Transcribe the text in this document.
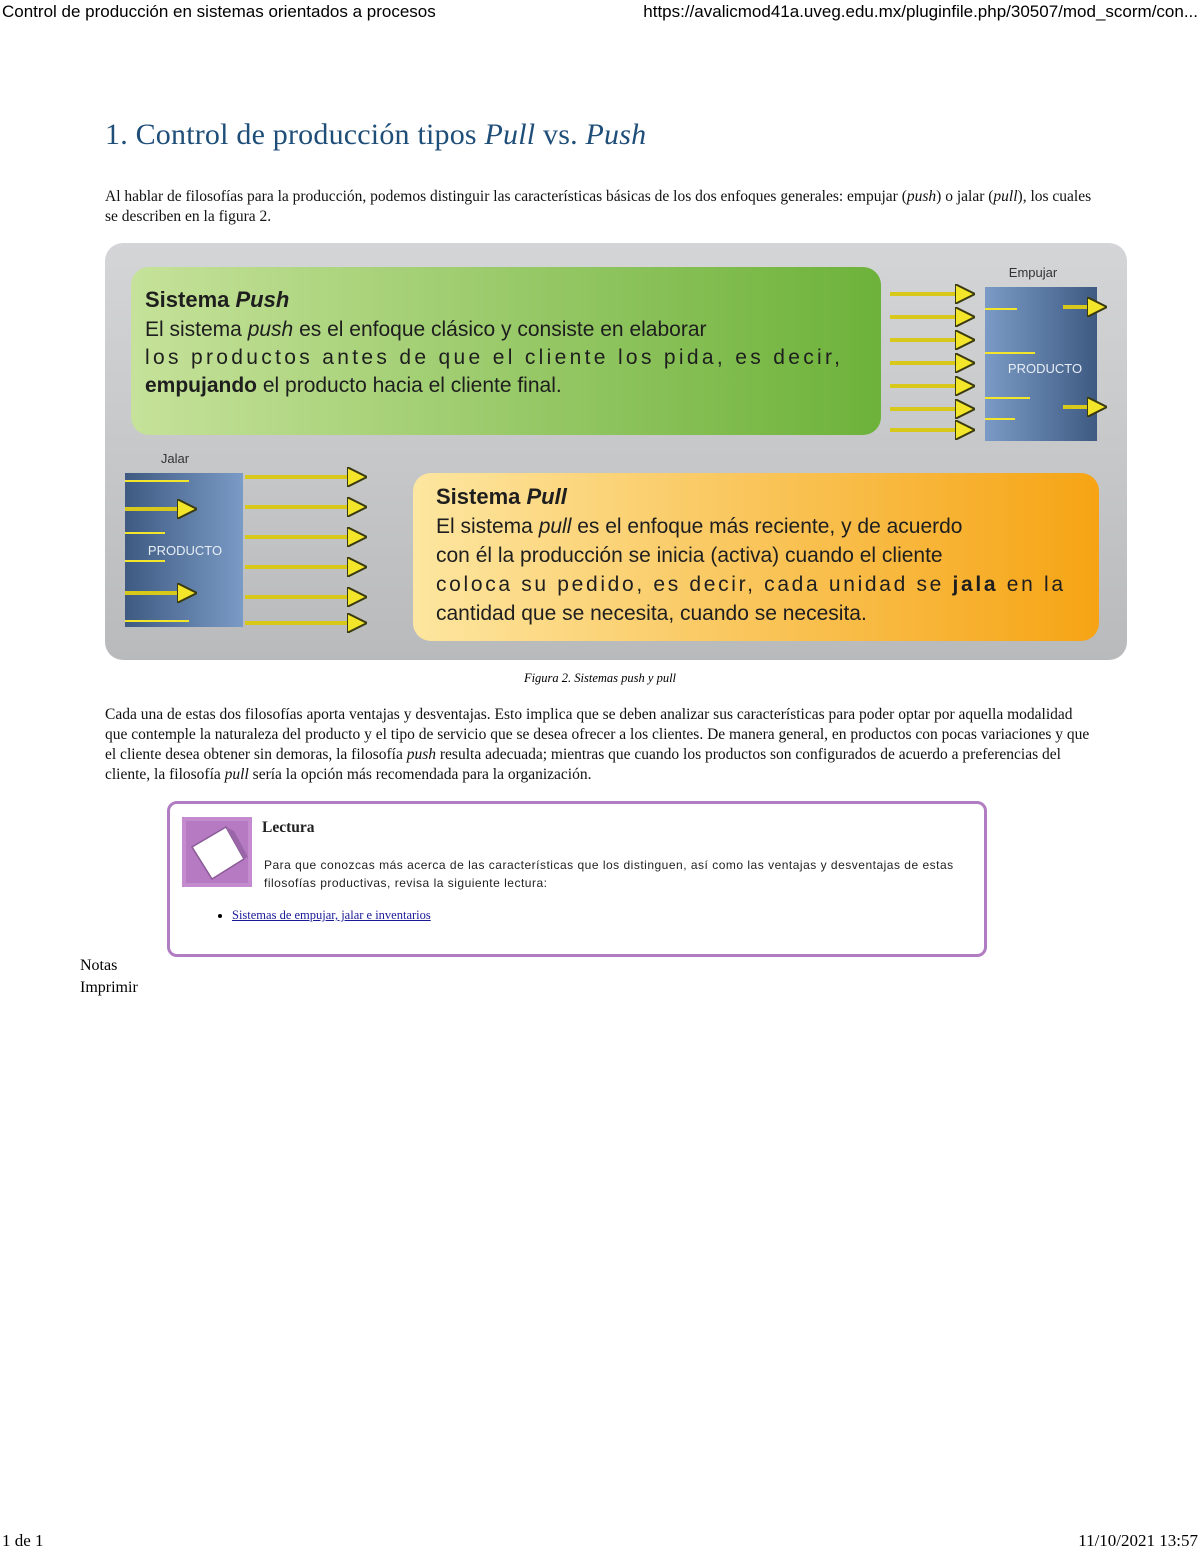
Control de producción en sistemas orientados a procesos	https://avalicmod41a.uveg.edu.mx/pluginfile.php/30507/mod_scorm/con...
1. Control de producción tipos Pull vs. Push

Al hablar de filosofías para la producción, podemos distinguir las características básicas de los dos enfoques generales: empujar (push) o jalar (pull), los cuales se describen en la figura 2.

Sistema Push
El sistema push es el enfoque clásico y consiste en elaborar
los productos antes de que el cliente los pida, es decir,
empujando el producto hacia el cliente final.
Empujar
PRODUCTO
Jalar
PRODUCTO
Sistema Pull
El sistema pull es el enfoque más reciente, y de acuerdo
con él la producción se inicia (activa) cuando el cliente
coloca su pedido, es decir, cada unidad se jala en la
cantidad que se necesita, cuando se necesita.
Figura 2. Sistemas push y pull

Cada una de estas dos filosofías aporta ventajas y desventajas. Esto implica que se deben analizar sus características para poder optar por aquella modalidad que contemple la naturaleza del producto y el tipo de servicio que se desea ofrecer a los clientes. De manera general, en productos con pocas variaciones y que el cliente desea obtener sin demoras, la filosofía push resulta adecuada; mientras que cuando los productos son configurados de acuerdo a preferencias del cliente, la filosofía pull sería la opción más recomendada para la organización.

Lectura
Para que conozcas más acerca de las características que los distinguen, así como las ventajas y desventajas de estas filosofías productivas, revisa la siguiente lectura:
• Sistemas de empujar, jalar e inventarios
Notas
Imprimir
1 de 1	11/10/2021 13:57
